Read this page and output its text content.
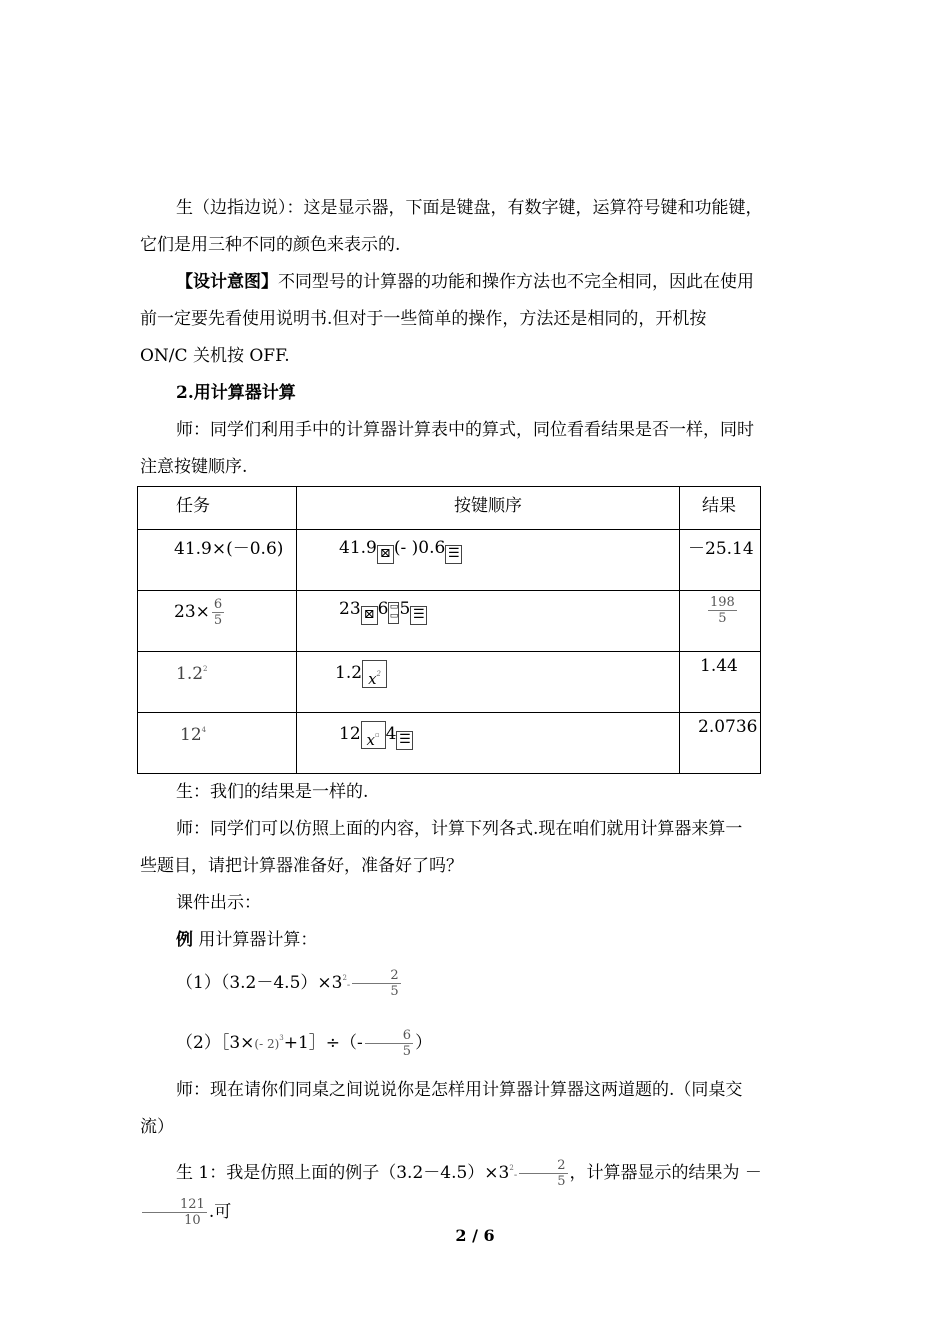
生（边指边说）：这是显示器，下面是键盘，有数字键，运算符号键和功能键，
它们是用三种不同的颜色来表示的.
【设计意图】不同型号的计算器的功能和操作方法也不完全相同，因此在使用
前一定要先看使用说明书.但对于一些简单的操作，方法还是相同的，开机按
ON/C 关机按 OFF.
2.用计算器计算
师：同学们利用手中的计算器计算表中的算式，同位看看结果是否一样，同时
注意按键顺序.
任务	按键顺序	结果

41.9×(－0.6)	41.9 ⊠ (- )0.6 ☰	－25.14

$23\times \frac{6}{5}$	23 ⊠ 6▭
▭5 ☰	$\frac{198}{5}$

$1.2^2$	1.2 $x^2$	1.44

$12^4$	12 x▫ 4 ☰	2.0736
生：我们的结果是一样的.
师：同学们可以仿照上面的内容，计算下列各式.现在咱们就用计算器来算一
些题目，请把计算器准备好，准备好了吗？
课件出示：
例 用计算器计算：
$(1)(3.2-4.5)\times 3^2- \frac{2}{5}$
（2）［3×(- 2)$^3$+1］÷（- $\frac{6}{5}$ ）
师：现在请你们同桌之间说说你是怎样用计算器计算器这两道题的.（同桌交
流）
生 1：我是仿照上面的例子$(3.2-4.5)\times 3^2- \frac{2}{5}$ ，计算器显示的结果为 －
$\frac{121}{10}$ .可
2 / 6
